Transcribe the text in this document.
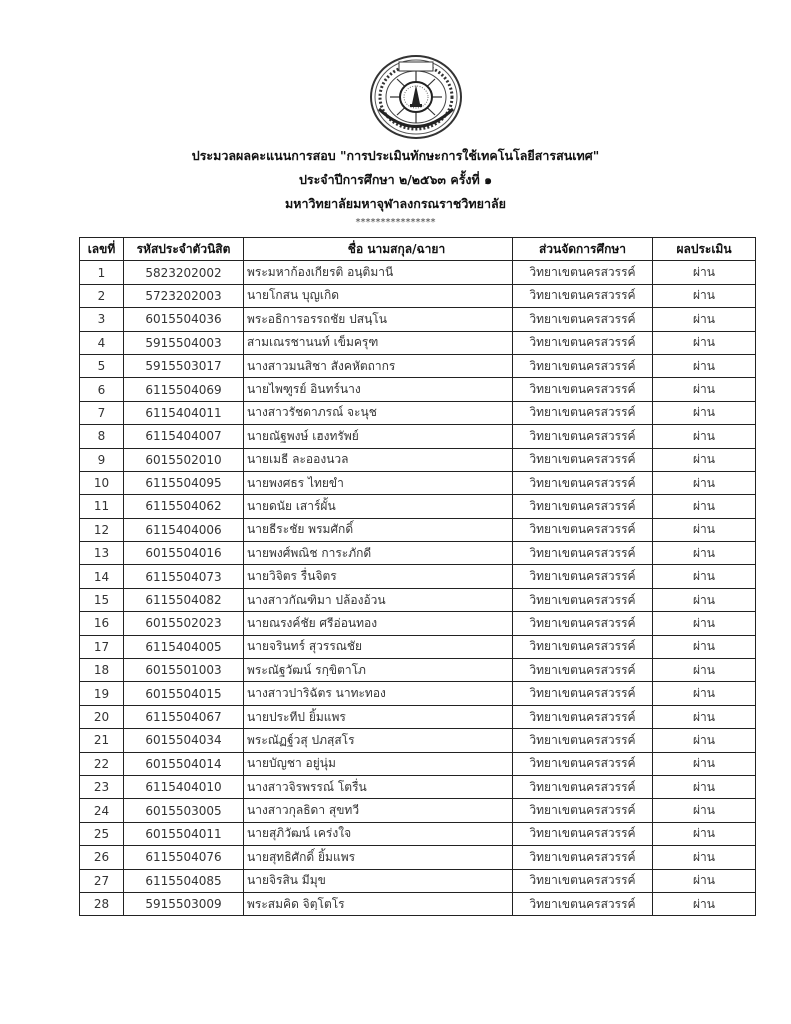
ประมวลผลคะแนนการสอบ "การประเมินทักษะการใช้เทคโนโลยีสารสนเทศ"
ประจำปีการศึกษา ๒/๒๕๖๓ ครั้งที่ ๑
มหาวิทยาลัยมหาจุฬาลงกรณราชวิทยาลัย
****************
เลขที่	รหัสประจำตัวนิสิต	ชื่อ นามสกุล/ฉายา	ส่วนจัดการศึกษา	ผลประเมิน
1	5823202002	พระมหาก้องเกียรติ อนฺติมานี	วิทยาเขตนครสวรรค์	ผ่าน
2	5723202003	นายโกสน บุญเกิด	วิทยาเขตนครสวรรค์	ผ่าน
3	6015504036	พระอธิการอรรถชัย ปสนฺโน	วิทยาเขตนครสวรรค์	ผ่าน
4	5915504003	สามเณรชานนท์ เข็มครุฑ	วิทยาเขตนครสวรรค์	ผ่าน
5	5915503017	นางสาวมนสิชา สังคหัตถากร	วิทยาเขตนครสวรรค์	ผ่าน
6	6115504069	นายไพฑูรย์ อินทร์นาง	วิทยาเขตนครสวรรค์	ผ่าน
7	6115404011	นางสาวรัชดาภรณ์ จะนุช	วิทยาเขตนครสวรรค์	ผ่าน
8	6115404007	นายณัฐพงษ์ เฮงทรัพย์	วิทยาเขตนครสวรรค์	ผ่าน
9	6015502010	นายเมธี ละอองนวล	วิทยาเขตนครสวรรค์	ผ่าน
10	6115504095	นายพงศธร ไทยขำ	วิทยาเขตนครสวรรค์	ผ่าน
11	6115504062	นายดนัย เสาร์ผั้น	วิทยาเขตนครสวรรค์	ผ่าน
12	6115404006	นายธีระชัย พรมศักดิ์	วิทยาเขตนครสวรรค์	ผ่าน
13	6015504016	นายพงศ์พณิช การะภักดี	วิทยาเขตนครสวรรค์	ผ่าน
14	6115504073	นายวิจิตร รื่นจิตร	วิทยาเขตนครสวรรค์	ผ่าน
15	6115504082	นางสาวกัณฑิมา ปล้องอ้วน	วิทยาเขตนครสวรรค์	ผ่าน
16	6015502023	นายณรงค์ชัย ศรีอ่อนทอง	วิทยาเขตนครสวรรค์	ผ่าน
17	6115404005	นายจรินทร์ สุวรรณชัย	วิทยาเขตนครสวรรค์	ผ่าน
18	6015501003	พระณัฐวัฒน์ รกฺขิตาโภ	วิทยาเขตนครสวรรค์	ผ่าน
19	6015504015	นางสาวปาริฉัตร นาทะทอง	วิทยาเขตนครสวรรค์	ผ่าน
20	6115504067	นายประทีป ยิ้มแพร	วิทยาเขตนครสวรรค์	ผ่าน
21	6015504034	พระณัฏฐ์วสุ ปภสฺสโร	วิทยาเขตนครสวรรค์	ผ่าน
22	6015504014	นายบัญชา อยู่นุ่ม	วิทยาเขตนครสวรรค์	ผ่าน
23	6115404010	นางสาวจิรพรรณ์ โตรื่น	วิทยาเขตนครสวรรค์	ผ่าน
24	6015503005	นางสาวกุลธิดา สุขทวี	วิทยาเขตนครสวรรค์	ผ่าน
25	6015504011	นายสุภิวัฒน์ เคร่งใจ	วิทยาเขตนครสวรรค์	ผ่าน
26	6115504076	นายสุทธิศักดิ์ ยิ้มแพร	วิทยาเขตนครสวรรค์	ผ่าน
27	6115504085	นายจิรสิน มีมุข	วิทยาเขตนครสวรรค์	ผ่าน
28	5915503009	พระสมคิด จิตฺโตโร	วิทยาเขตนครสวรรค์	ผ่าน
